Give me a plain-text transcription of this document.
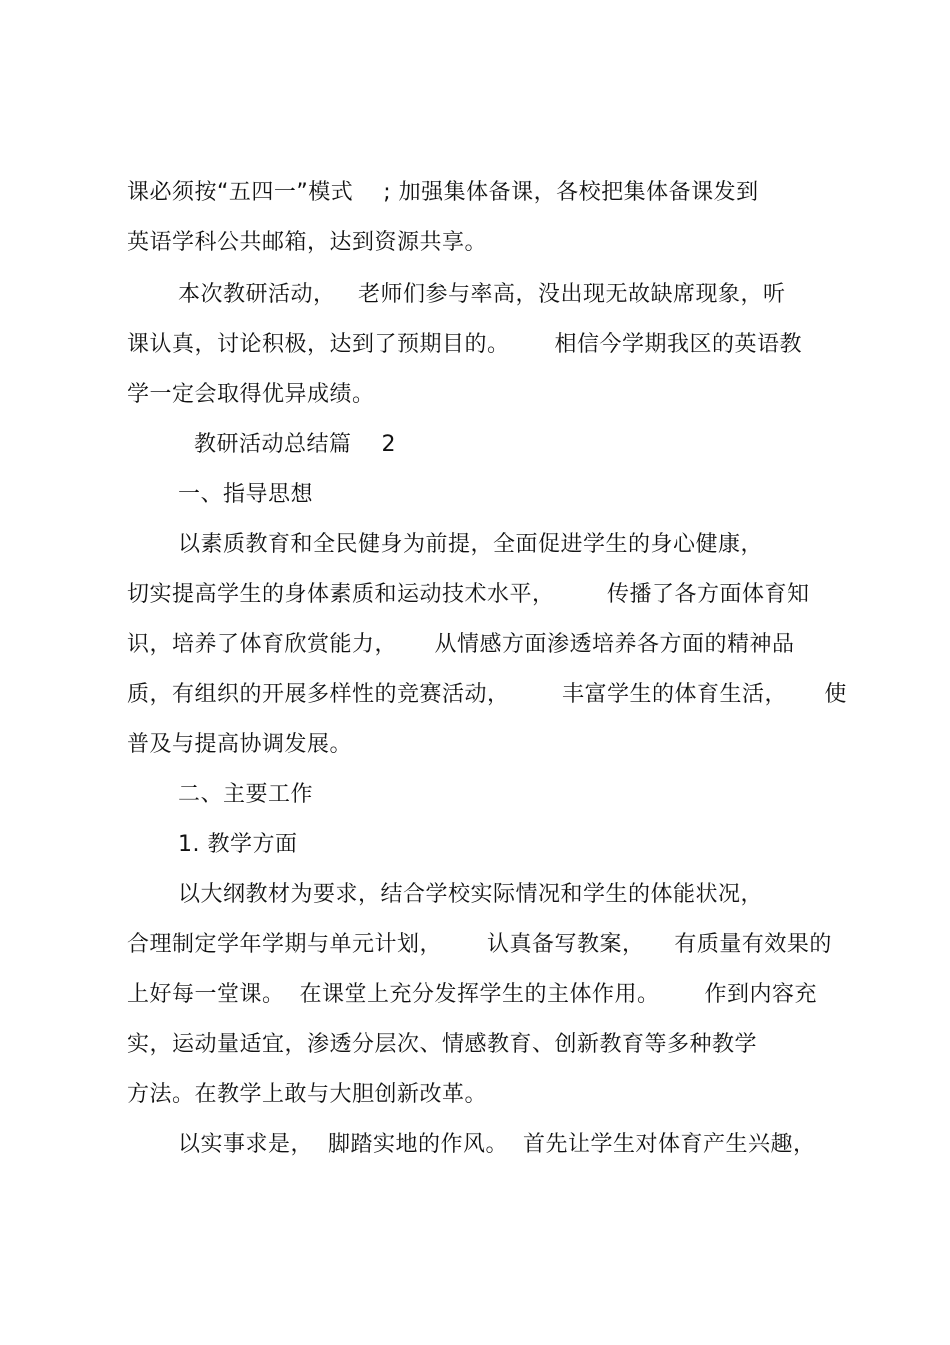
课必须按“五四一”模式    ; 加强集体备课，各校把集体备课发到
英语学科公共邮箱，达到资源共享。
本次教研活动，   老师们参与率高，没出现无故缺席现象，听
课认真，讨论积极，达到了预期目的。      相信今学期我区的英语教
学一定会取得优异成绩。
教研活动总结篇    2
一、指导思想
以素质教育和全民健身为前提，全面促进学生的身心健康，
切实提高学生的身体素质和运动技术水平，       传播了各方面体育知
识，培养了体育欣赏能力，     从情感方面渗透培养各方面的精神品
质，有组织的开展多样性的竞赛活动，       丰富学生的体育生活，     使
普及与提高协调发展。
二、主要工作
1. 教学方面
以大纲教材为要求，结合学校实际情况和学生的体能状况，
合理制定学年学期与单元计划，      认真备写教案，    有质量有效果的
上好每一堂课。  在课堂上充分发挥学生的主体作用。      作到内容充
实，运动量适宜，渗透分层次、情感教育、创新教育等多种教学
方法。在教学上敢与大胆创新改革。
以实事求是，  脚踏实地的作风。  首先让学生对体育产生兴趣，
